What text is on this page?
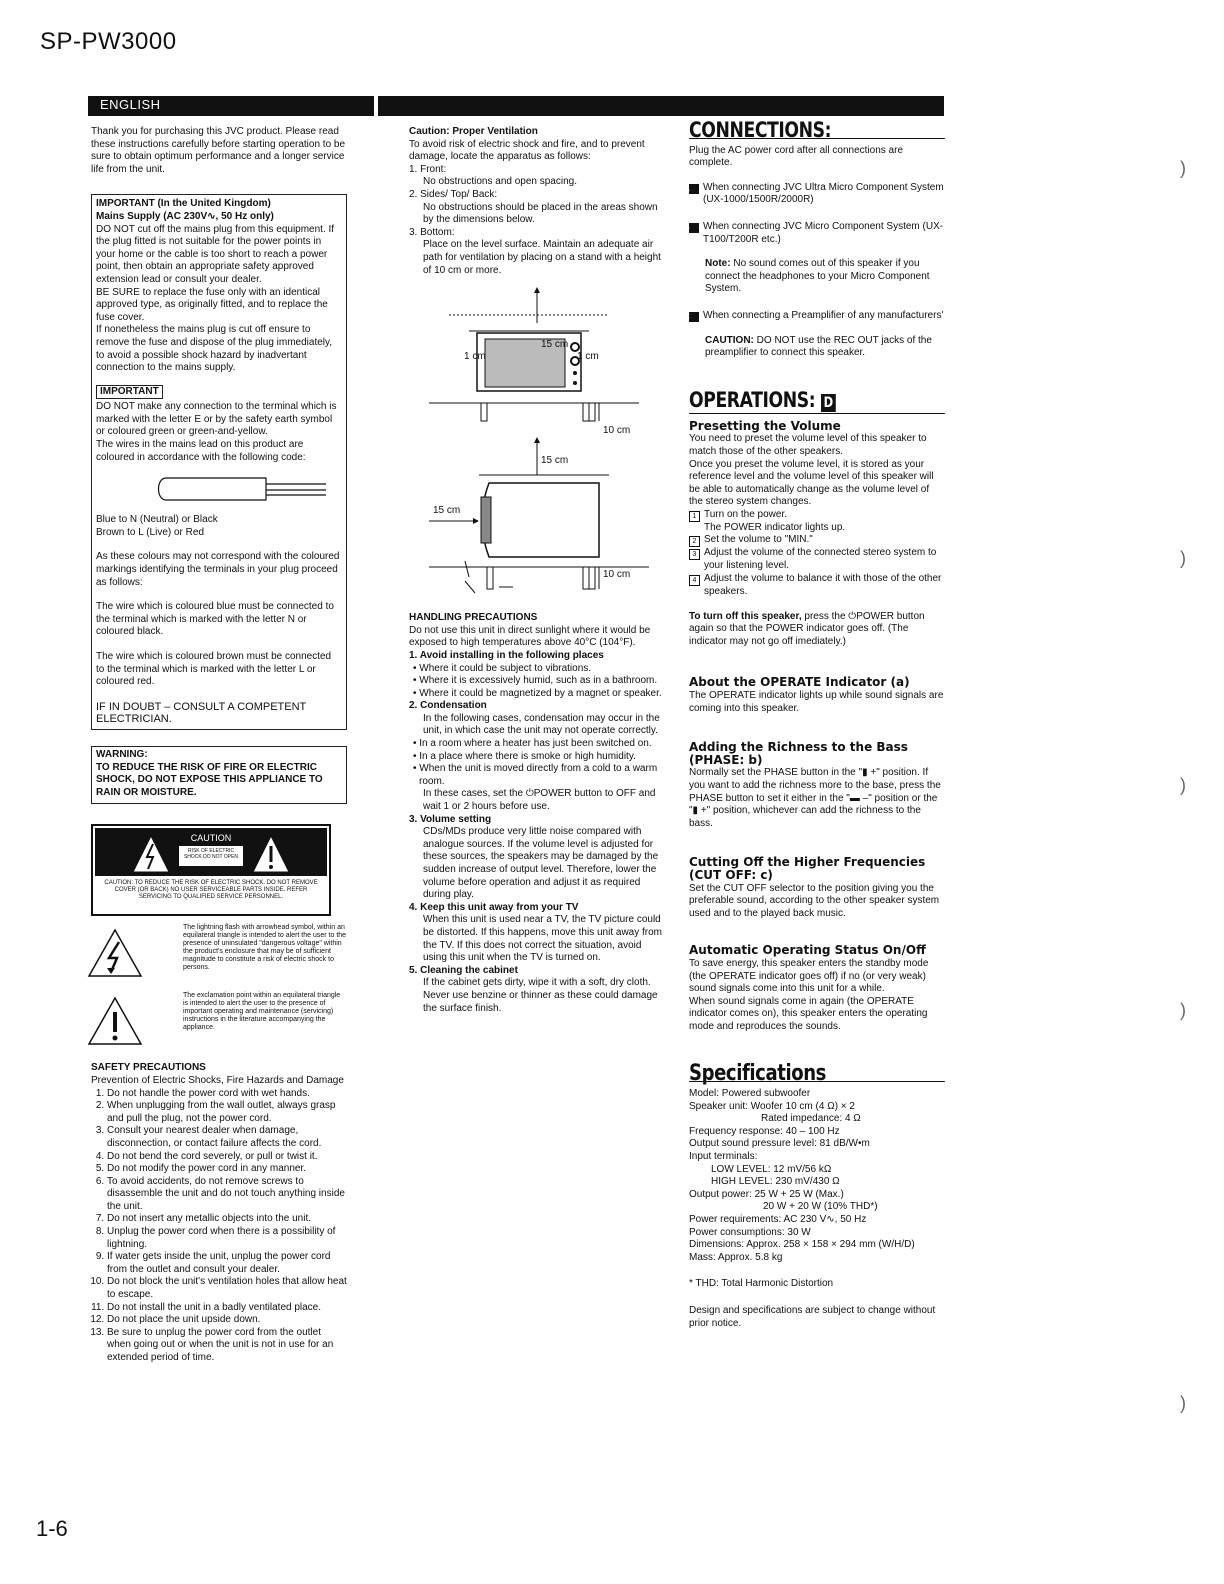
SP-PW3000
ENGLISH
1-6
)
)
)
)
)

Thank you for purchasing this JVC product. Please read these instructions carefully before starting operation to be sure to obtain optimum performance and a longer service life from the unit.

IMPORTANT (In the United Kingdom)
Mains Supply (AC 230V∿, 50 Hz only)
DO NOT cut off the mains plug from this equipment. If the plug fitted is not suitable for the power points in your home or the cable is too short to reach a power point, then obtain an appropriate safety approved extension lead or consult your dealer.
BE SURE to replace the fuse only with an identical approved type, as originally fitted, and to replace the fuse cover.
If nonetheless the mains plug is cut off ensure to remove the fuse and dispose of the plug immediately, to avoid a possible shock hazard by inadvertant connection to the mains supply.
IMPORTANT
DO NOT make any connection to the terminal which is marked with the letter E or by the safety earth symbol or coloured green or green-and-yellow.
The wires in the mains lead on this product are coloured in accordance with the following code:
Blue to N (Neutral) or Black
Brown to L (Live) or Red
As these colours may not correspond with the coloured markings identifying the terminals in your plug proceed as follows:
The wire which is coloured blue must be connected to the terminal which is marked with the letter N or coloured black.
The wire which is coloured brown must be connected to the terminal which is marked with the letter L or coloured red.
IF IN DOUBT – CONSULT A COMPETENT ELECTRICIAN.
WARNING:
TO REDUCE THE RISK OF FIRE OR ELECTRIC SHOCK, DO NOT EXPOSE THIS APPLIANCE TO RAIN OR MOISTURE.
CAUTION
RISK OF ELECTRIC SHOCK DO NOT OPEN
CAUTION: TO REDUCE THE RISK OF ELECTRIC SHOCK. DO NOT REMOVE COVER (OR BACK) NO USER SERVICEABLE PARTS INSIDE. REFER SERVICING TO QUALIFIED SERVICE PERSONNEL.
The lightning flash with arrowhead symbol, within an equilateral triangle is intended to alert the user to the presence of uninsulated "dangerous voltage" within the product's enclosure that may be of sufficient magnitude to constitute a risk of electric shock to persons.
The exclamation point within an equilateral triangle is intended to alert the user to the presence of important operating and maintenance (servicing) instructions in the literature accompanying the appliance.
SAFETY PRECAUTIONS
Prevention of Electric Shocks, Fire Hazards and Damage
1. Do not handle the power cord with wet hands.
2. When unplugging from the wall outlet, always grasp and pull the plug, not the power cord.
3. Consult your nearest dealer when damage, disconnection, or contact failure affects the cord.
4. Do not bend the cord severely, or pull or twist it.
5. Do not modify the power cord in any manner.
6. To avoid accidents, do not remove screws to disassemble the unit and do not touch anything inside the unit.
7. Do not insert any metallic objects into the unit.
8. Unplug the power cord when there is a possibility of lightning.
9. If water gets inside the unit, unplug the power cord from the outlet and consult your dealer.
10. Do not block the unit's ventilation holes that allow heat to escape.
11. Do not install the unit in a badly ventilated place.
12. Do not place the unit upside down.
13. Be sure to unplug the power cord from the outlet when going out or when the unit is not in use for an extended period of time.
Caution: Proper Ventilation
To avoid risk of electric shock and fire, and to prevent damage, locate the apparatus as follows:
1. Front:
No obstructions and open spacing.
2. Sides/ Top/ Back:
No obstructions should be placed in the areas shown by the dimensions below.
3. Bottom:
Place on the level surface. Maintain an adequate air path for ventilation by placing on a stand with a height of 10 cm or more.
15 cm
1 cm	1 cm
10 cm
15 cm
15 cm
10 cm
HANDLING PRECAUTIONS
Do not use this unit in direct sunlight where it would be exposed to high temperatures above 40°C (104°F).
1. Avoid installing in the following places
• Where it could be subject to vibrations.
• Where it is excessively humid, such as in a bathroom.
• Where it could be magnetized by a magnet or speaker.
2. Condensation
In the following cases, condensation may occur in the unit, in which case the unit may not operate correctly.
• In a room where a heater has just been switched on.
• In a place where there is smoke or high humidity.
• When the unit is moved directly from a cold to a warm room.
In these cases, set the ⏻POWER button to OFF and wait 1 or 2 hours before use.
3. Volume setting
CDs/MDs produce very little noise compared with analogue sources. If the volume level is adjusted for these sources, the speakers may be damaged by the sudden increase of output level. Therefore, lower the volume before operation and adjust it as required during play.
4. Keep this unit away from your TV
When this unit is used near a TV, the TV picture could be distorted. If this happens, move this unit away from the TV. If this does not correct the situation, avoid using this unit when the TV is turned on.
5. Cleaning the cabinet
If the cabinet gets dirty, wipe it with a soft, dry cloth. Never use benzine or thinner as these could damage the surface finish.
CONNECTIONS:

Plug the AC power cord after all connections are complete.

A When connecting JVC Ultra Micro Component System (UX-1000/1500R/2000R)

B When connecting JVC Micro Component System (UX-T100/T200R etc.)

Note: No sound comes out of this speaker if you connect the headphones to your Micro Component System.

C When connecting a Preamplifier of any manufacturers'

CAUTION: DO NOT use the REC OUT jacks of the preamplifier to connect this speaker.

OPERATIONS: D
Presetting the Volume
You need to preset the volume level of this speaker to match those of the other speakers.
Once you preset the volume level, it is stored as your reference level and the volume level of this speaker will be able to automatically change as the volume level of the stereo system changes.
1 Turn on the power.
The POWER indicator lights up.
2 Set the volume to "MIN."
3 Adjust the volume of the connected stereo system to your listening level.
4 Adjust the volume to balance it with those of the other speakers.

To turn off this speaker, press the ⏻POWER button again so that the POWER indicator goes off. (The indicator may not go off imediately.)

About the OPERATE Indicator (a)

The OPERATE indicator lights up while sound signals are coming into this speaker.

Adding the Richness to the Bass (PHASE: b)

Normally set the PHASE button in the "▮ +" position. If you want to add the richness more to the base, press the PHASE button to set it either in the "▬ –" position or the "▮ +" position, whichever can add the richness to the bass.

Cutting Off the Higher Frequencies (CUT OFF: c)

Set the CUT OFF selector to the position giving you the preferable sound, according to the other speaker system used and to the played back music.

Automatic Operating Status On/Off
To save energy, this speaker enters the standby mode (the OPERATE indicator goes off) if no (or very weak) sound signals come into this unit for a while.
When sound signals come in again (the OPERATE indicator comes on), this speaker enters the operating mode and reproduces the sounds.
Specifications
Model: Powered subwoofer
Speaker unit: Woofer 10 cm (4 Ω) × 2
Rated impedance: 4 Ω
Frequency response: 40 – 100 Hz
Output sound pressure level: 81 dB/W•m
Input terminals:
LOW LEVEL: 12 mV/56 kΩ
HIGH LEVEL: 230 mV/430 Ω
Output power: 25 W + 25 W (Max.)
20 W + 20 W (10% THD*)
Power requirements: AC 230 V∿, 50 Hz
Power consumptions: 30 W
Dimensions: Approx. 258 × 158 × 294 mm (W/H/D)
Mass: Approx. 5.8 kg
* THD: Total Harmonic Distortion
Design and specifications are subject to change without prior notice.
